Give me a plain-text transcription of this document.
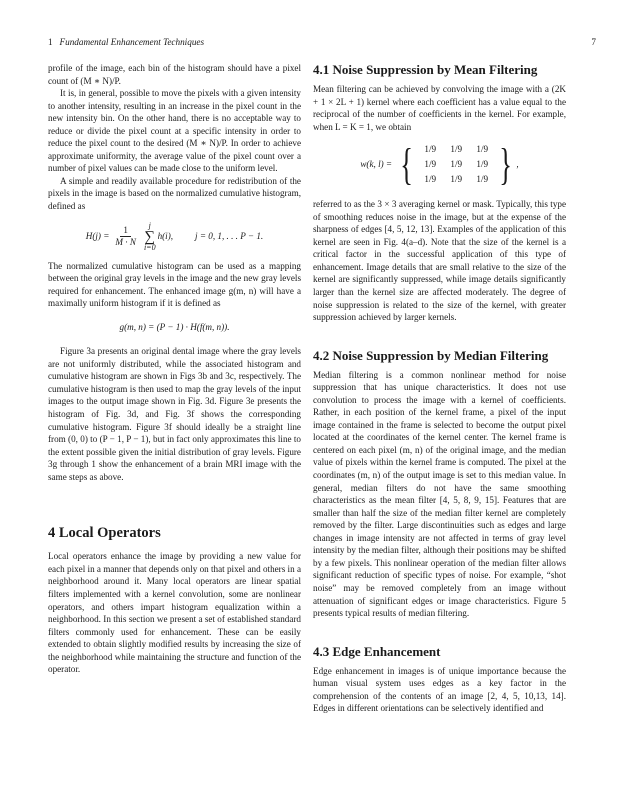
1 Fundamental Enhancement Techniques	7

profile of the image, each bin of the histogram should have a pixel count of (M ∗ N)/P.

It is, in general, possible to move the pixels with a given intensity to another intensity, resulting in an increase in the pixel count in the new intensity bin. On the other hand, there is no acceptable way to reduce or divide the pixel count at a specific intensity in order to reduce the pixel count to the desired (M ∗ N)/P. In order to achieve approximate uniformity, the average value of the pixel count over a number of pixel values can be made close to the uniform level.

A simple and readily available procedure for redistribution of the pixels in the image is based on the normalized cumulative histogram, defined as

$H(j) = \frac{1}{M \cdot N}$ j
∑
i=0
h(i), j = 0, 1, . . . P − 1.

The normalized cumulative histogram can be used as a mapping between the original gray levels in the image and the new gray levels required for enhancement. The enhanced image g(m, n) will have a maximally uniform histogram if it is defined as

g(m, n) = (P − 1) · H(f(m, n)).

Figure 3a presents an original dental image where the gray levels are not uniformly distributed, while the associated histogram and cumulative histogram are shown in Figs 3b and 3c, respectively. The cumulative histogram is then used to map the gray levels of the input images to the output image shown in Fig. 3d. Figure 3e presents the histogram of Fig. 3d, and Fig. 3f shows the corresponding cumulative histogram. Figure 3f should ideally be a straight line from (0, 0) to (P − 1, P − 1), but in fact only approximates this line to the extent possible given the initial distribution of gray levels. Figure 3g through 1 show the enhancement of a brain MRI image with the same steps as above.

4 Local Operators

Local operators enhance the image by providing a new value for each pixel in a manner that depends only on that pixel and others in a neighborhood around it. Many local operators are linear spatial filters implemented with a kernel convolution, some are nonlinear operators, and others impart histogram equalization within a neighborhood. In this section we present a set of established standard filters commonly used for enhancement. These can be easily extended to obtain slightly modified results by increasing the size of the neighborhood while maintaining the structure and function of the operator.

4.1 Noise Suppression by Mean Filtering

Mean filtering can be achieved by convolving the image with a (2K + 1 × 2L + 1) kernel where each coefficient has a value equal to the reciprocal of the number of coefficients in the kernel. For example, when L = K = 1, we obtain

w(k, l) = {	1/9	1/9	1/9
1/9	1/9	1/9
1/9	1/9	1/9 } ,

referred to as the 3 × 3 averaging kernel or mask. Typically, this type of smoothing reduces noise in the image, but at the expense of the sharpness of edges [4, 5, 12, 13]. Examples of the application of this kernel are seen in Fig. 4(a–d). Note that the size of the kernel is a critical factor in the successful application of this type of enhancement. Image details that are small relative to the size of the kernel are significantly suppressed, while image details significantly larger than the kernel size are affected moderately. The degree of noise suppression is related to the size of the kernel, with greater suppression achieved by larger kernels.

4.2 Noise Suppression by Median Filtering

Median filtering is a common nonlinear method for noise suppression that has unique characteristics. It does not use convolution to process the image with a kernel of coefficients. Rather, in each position of the kernel frame, a pixel of the input image contained in the frame is selected to become the output pixel located at the coordinates of the kernel center. The kernel frame is centered on each pixel (m, n) of the original image, and the median value of pixels within the kernel frame is computed. The pixel at the coordinates (m, n) of the output image is set to this median value. In general, median filters do not have the same smoothing characteristics as the mean filter [4, 5, 8, 9, 15]. Features that are smaller than half the size of the median filter kernel are completely removed by the filter. Large discontinuities such as edges and large changes in image intensity are not affected in terms of gray level intensity by the median filter, although their positions may be shifted by a few pixels. This nonlinear operation of the median filter allows significant reduction of specific types of noise. For example, “shot noise” may be removed completely from an image without attenuation of significant edges or image characteristics. Figure 5 presents typical results of median filtering.

4.3 Edge Enhancement

Edge enhancement in images is of unique importance because the human visual system uses edges as a key factor in the comprehension of the contents of an image [2, 4, 5, 10,13, 14]. Edges in different orientations can be selectively identified and
